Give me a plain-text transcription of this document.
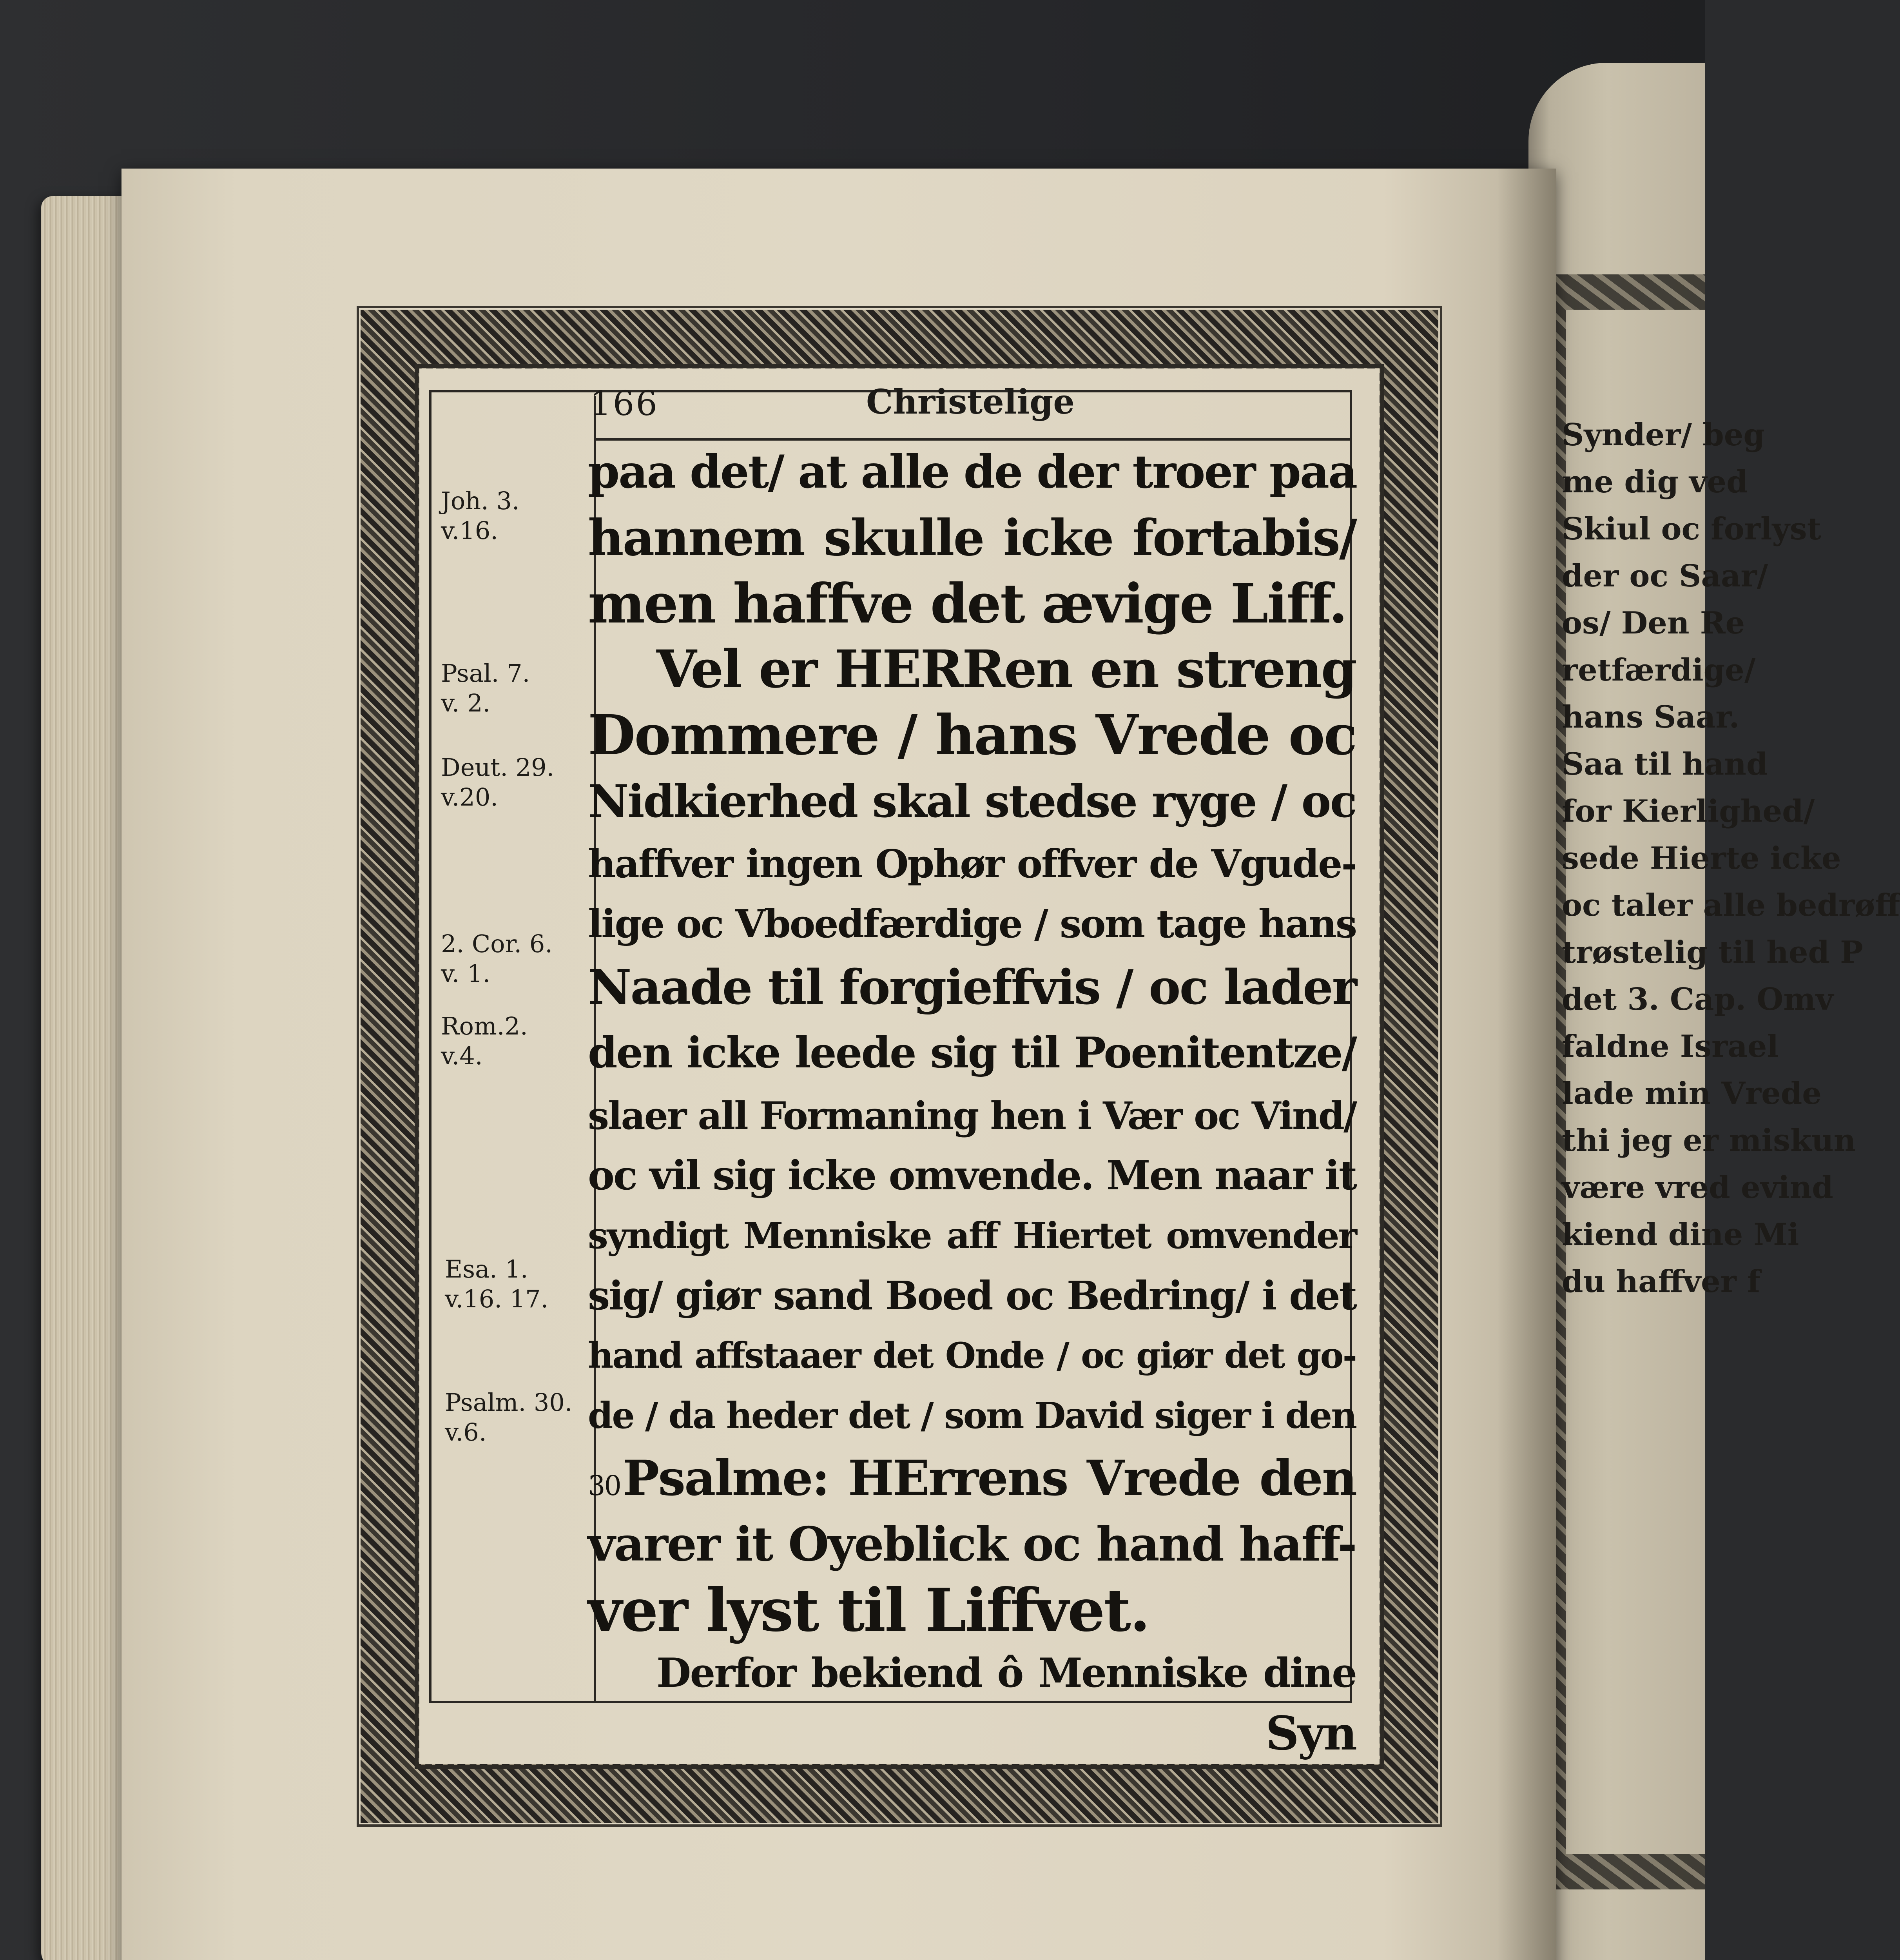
Synder/ beg
me dig ved
Skiul oc forlyst
der oc Saar/
os/ Den Re
retfærdige/
hans Saar.
Saa til hand
for Kierlighed/
sede Hierte icke
oc taler alle bedrøff
trøstelig til hed P
det 3. Cap. Omv
faldne Israel
lade min Vrede
thi jeg er miskun
være vred evind
kiend dine Mi
du haffver f
166	Christelige
paa det/ at alle de der troer paa
hannem skulle icke fortabis/
men haffve det ævige Liff.
Vel er HERRen en streng
Dommere / hans Vrede oc
Nidkierhed skal stedse ryge / oc
haffver ingen Ophør offver de Vgude-
lige oc Vboedfærdige / som tage hans
Naade til forgieffvis / oc lader
den icke leede sig til Poenitentze/
slaer all Formaning hen i Vær oc Vind/
oc vil sig icke omvende. Men naar it
syndigt Menniske aff Hiertet omvender
sig/ giør sand Boed oc Bedring/ i det
hand affstaaer det Onde / oc giør det go-
de / da heder det / som David siger i den
30Psalme: HErrens Vrede den
varer it Oyeblick oc hand haff-
ver lyst til Liffvet.
Derfor bekiend ô Menniske dine
Syn
Joh. 3.
v.16.
Psal. 7.
v. 2.
Deut. 29.
v.20.
2. Cor. 6.
v. 1.
Rom.2.
v.4.
Esa. 1.
v.16. 17.
Psalm. 30.
v.6.
